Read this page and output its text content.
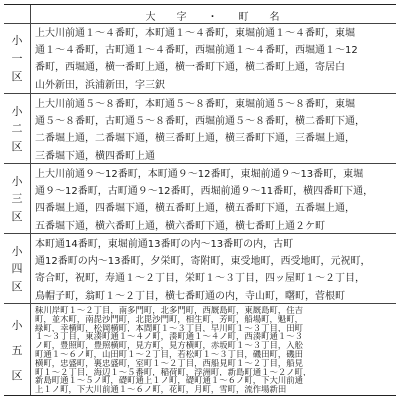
大 字 ・ 町 名
小
一
区
上大川前通１～４番町，本町通１～４番町，東堀前通１～４番町，東堀
通１～４番町，古町通１～４番町，西堀前通１～４番町，西堀通１～12
番町，西堀通，横一番町上通，横一番町下通，横二番町上通，寄居白
山外新田，浜浦新田，字三鈬
小
二
区
上大川前通５～８番町，本町通５～８番町，東堀前通５～８番町，東堀
通５～８番町，古町通５～８番町，西堀前通５～８番町，横二番町下通，
二番堀上通，二番堀下通，横三番町上通，横三番町下通，三番堀上通，
三番堀下通，横四番町上通
小
三
区
上大川前通９～12番町，本町通９～12番町，東堀前通９～13番町，東堀
通９～12番町，古町通９～12番町，西堀前通９～11番町，横四番町下通，
四番堀上通，四番堀下通，横五番町上通，横五番町下通，五番堀上通，
五番堀下通，横六番町上通，横六番町下通，横七番町上通２ケ町
小
四
区
本町通14番町，東堀前通13番町の内～13番町の内，古町
通12番町の内～13番町，夕栄町，寄附町，東受地町，西受地町，元祝町，
寄合町，祝町，寿通１～２丁目，栄町１～３丁目，四ッ屋町１～２丁目，
鳥帽子町，翁町１～２丁目，横七番町通の内，寺山町，曙町，菅根町
小
五
区
秣川岸町１～２丁目，南多門町，北多門町，西厩島町，東厩島町，住吉
町，並木町，南毘沙門町，北毘沙門町，相生町，芳町，船場町，魁町，
緑町，幸横町，松岡横町，本間町１～３丁目，早川町１～３丁目，田町
１～３丁目，東湊町通１～４ノ町，湊町通１～４ノ町，西湊町通１～３
ノ町，豊照町，豊照横町，見方町，見方横町，赤坂町１～３丁目，入舩
町通１～６ノ町，山田町１～２丁目，若松町１～３丁目，磯田町，磯田
横町，忠盛町，裏忠盛町，室町１～２丁目，西船見町１～２丁目，船見
町１～２丁目，海辺１～５番町，稲荷町，浮洲町，新島町通１～２ノ町，
新島町通１～５ノ町，礎町通上１ノ町，礎町通１～６ノ町，下大川前通
上１ノ町，下大川前通１～６ノ町，花町，月町，雪町，流作場新田
